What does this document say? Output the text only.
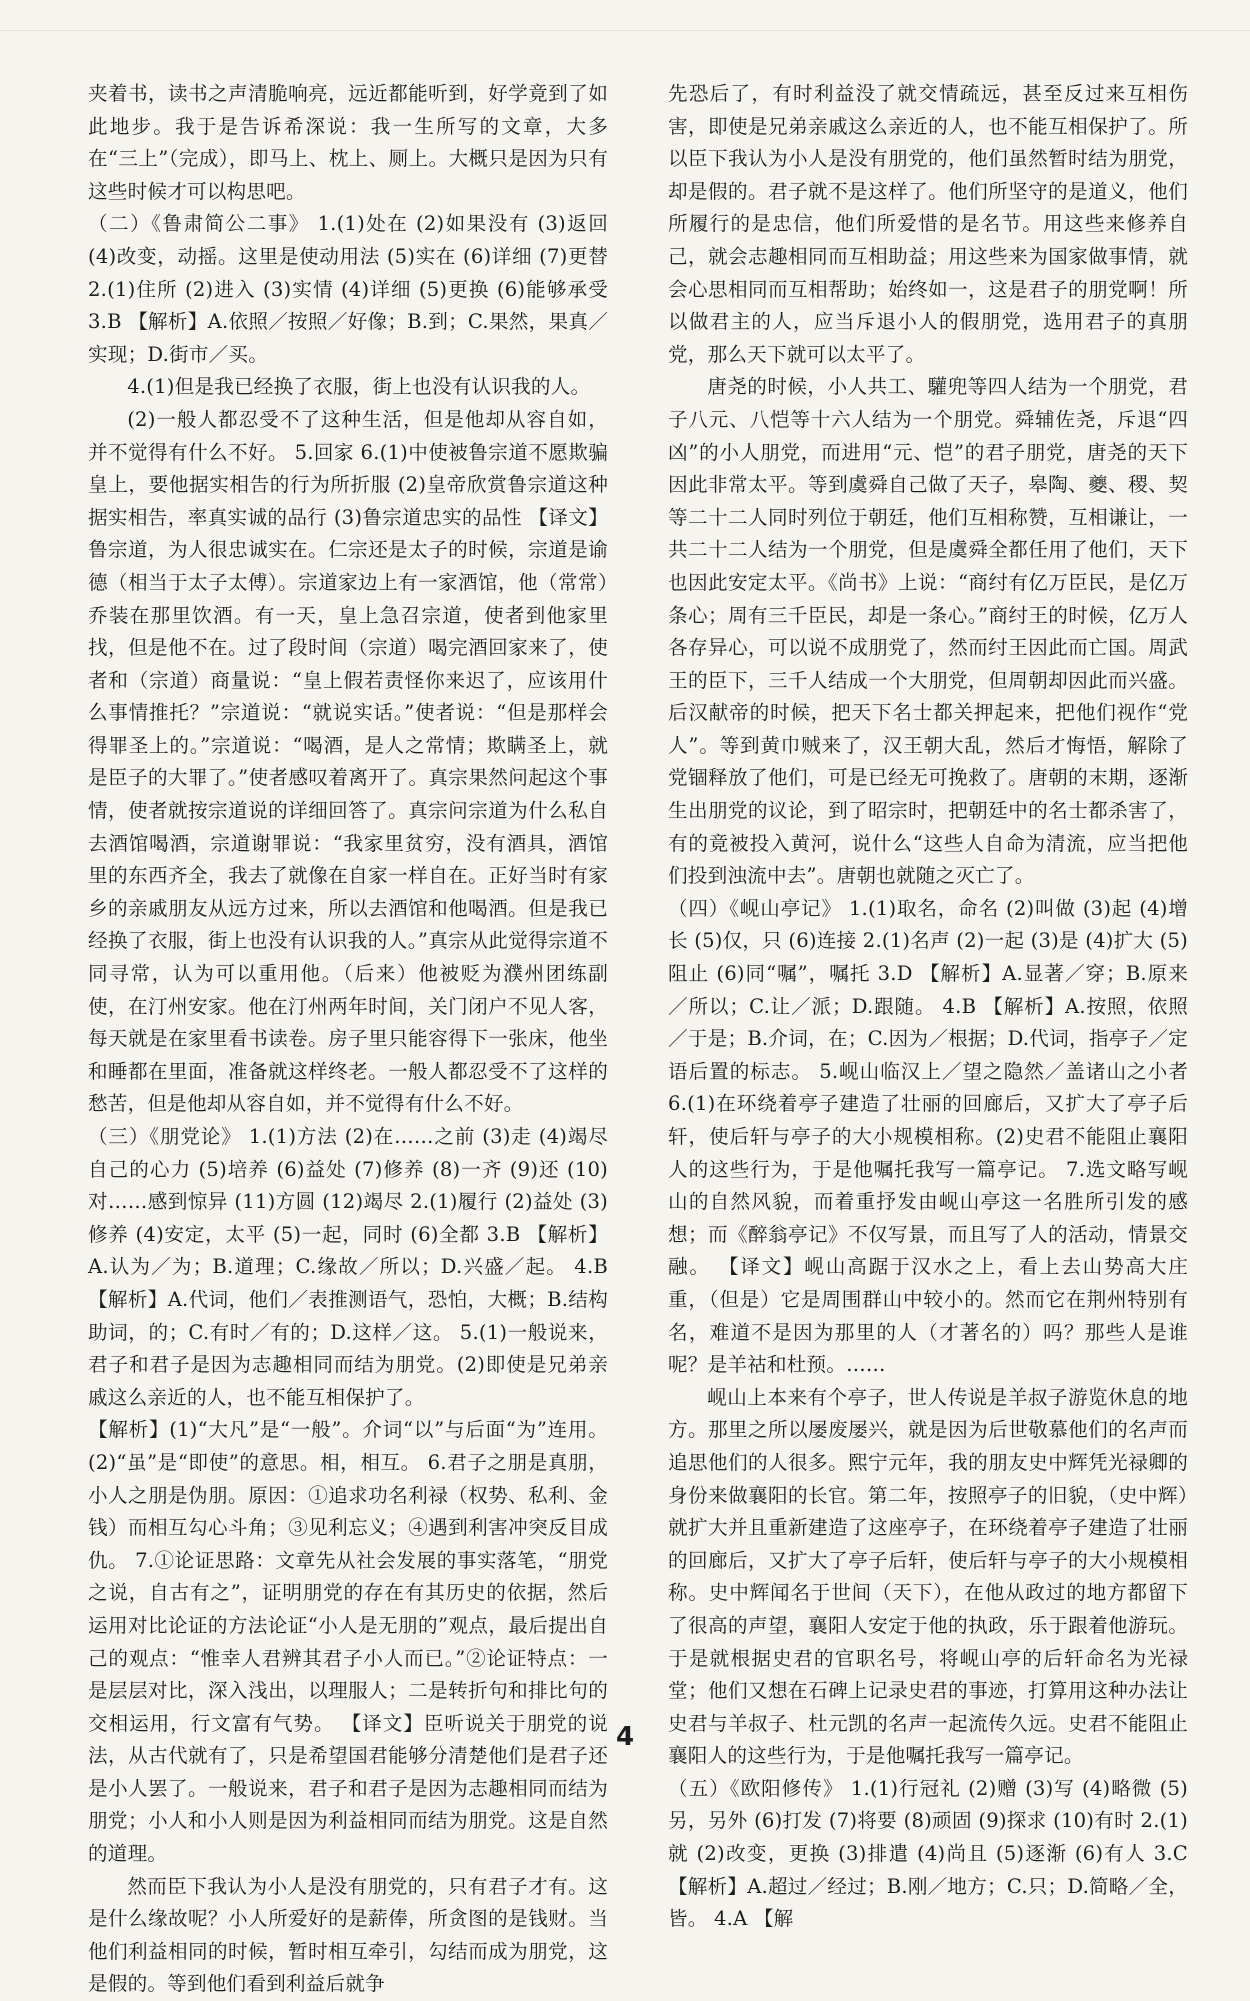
夹着书，读书之声清脆响亮，远近都能听到，好学竟到了如此地步。我于是告诉希深说：我一生所写的文章，大多在“三上”（完成），即马上、枕上、厕上。大概只是因为只有这些时候才可以构思吧。

（二）《鲁肃简公二事》 1.(1)处在 (2)如果没有 (3)返回 (4)改变，动摇。这里是使动用法 (5)实在 (6)详细 (7)更替 2.(1)住所 (2)进入 (3)实情 (4)详细 (5)更换 (6)能够承受 3.B 【解析】A.依照／按照／好像；B.到；C.果然，果真／实现；D.街市／买。

4.(1)但是我已经换了衣服，街上也没有认识我的人。

(2)一般人都忍受不了这种生活，但是他却从容自如，并不觉得有什么不好。 5.回家 6.(1)中使被鲁宗道不愿欺骗皇上，要他据实相告的行为所折服 (2)皇帝欣赏鲁宗道这种据实相告，率真实诚的品行 (3)鲁宗道忠实的品性 【译文】鲁宗道，为人很忠诚实在。仁宗还是太子的时候，宗道是谕德（相当于太子太傅）。宗道家边上有一家酒馆，他（常常）乔装在那里饮酒。有一天，皇上急召宗道，使者到他家里找，但是他不在。过了段时间（宗道）喝完酒回家来了，使者和（宗道）商量说：“皇上假若责怪你来迟了，应该用什么事情推托？”宗道说：“就说实话。”使者说：“但是那样会得罪圣上的。”宗道说：“喝酒，是人之常情；欺瞒圣上，就是臣子的大罪了。”使者感叹着离开了。真宗果然问起这个事情，使者就按宗道说的详细回答了。真宗问宗道为什么私自去酒馆喝酒，宗道谢罪说：“我家里贫穷，没有酒具，酒馆里的东西齐全，我去了就像在自家一样自在。正好当时有家乡的亲戚朋友从远方过来，所以去酒馆和他喝酒。但是我已经换了衣服，街上也没有认识我的人。”真宗从此觉得宗道不同寻常，认为可以重用他。（后来）他被贬为濮州团练副使，在汀州安家。他在汀州两年时间，关门闭户不见人客，每天就是在家里看书读卷。房子里只能容得下一张床，他坐和睡都在里面，准备就这样终老。一般人都忍受不了这样的愁苦，但是他却从容自如，并不觉得有什么不好。

（三）《朋党论》 1.(1)方法 (2)在……之前 (3)走 (4)竭尽自己的心力 (5)培养 (6)益处 (7)修养 (8)一齐 (9)还 (10)对……感到惊异 (11)方圆 (12)竭尽 2.(1)履行 (2)益处 (3)修养 (4)安定，太平 (5)一起，同时 (6)全都 3.B 【解析】A.认为／为；B.道理；C.缘故／所以；D.兴盛／起。 4.B 【解析】A.代词，他们／表推测语气，恐怕，大概；B.结构助词，的；C.有时／有的；D.这样／这。 5.(1)一般说来，君子和君子是因为志趣相同而结为朋党。(2)即使是兄弟亲戚这么亲近的人，也不能互相保护了。

【解析】(1)“大凡”是“一般”。介词“以”与后面“为”连用。(2)“虽”是“即使”的意思。相，相互。 6.君子之朋是真朋，小人之朋是伪朋。原因：①追求功名利禄（权势、私利、金钱）而相互勾心斗角；③见利忘义；④遇到利害冲突反目成仇。 7.①论证思路：文章先从社会发展的事实落笔，“朋党之说，自古有之”，证明朋党的存在有其历史的依据，然后运用对比论证的方法论证“小人是无朋的”观点，最后提出自己的观点：“惟幸人君辨其君子小人而已。”②论证特点：一是层层对比，深入浅出，以理服人；二是转折句和排比句的交相运用，行文富有气势。 【译文】臣听说关于朋党的说法，从古代就有了，只是希望国君能够分清楚他们是君子还是小人罢了。一般说来，君子和君子是因为志趣相同而结为朋党；小人和小人则是因为利益相同而结为朋党。这是自然的道理。

然而臣下我认为小人是没有朋党的，只有君子才有。这是什么缘故呢？小人所爱好的是薪俸，所贪图的是钱财。当他们利益相同的时候，暂时相互牵引，勾结而成为朋党，这是假的。等到他们看到利益后就争

先恐后了，有时利益没了就交情疏远，甚至反过来互相伤害，即使是兄弟亲戚这么亲近的人，也不能互相保护了。所以臣下我认为小人是没有朋党的，他们虽然暂时结为朋党，却是假的。君子就不是这样了。他们所坚守的是道义，他们所履行的是忠信，他们所爱惜的是名节。用这些来修养自己，就会志趣相同而互相助益；用这些来为国家做事情，就会心思相同而互相帮助；始终如一，这是君子的朋党啊！所以做君主的人，应当斥退小人的假朋党，选用君子的真朋党，那么天下就可以太平了。

唐尧的时候，小人共工、驩兜等四人结为一个朋党，君子八元、八恺等十六人结为一个朋党。舜辅佐尧，斥退“四凶”的小人朋党，而进用“元、恺”的君子朋党，唐尧的天下因此非常太平。等到虞舜自己做了天子，皋陶、夔、稷、契等二十二人同时列位于朝廷，他们互相称赞，互相谦让，一共二十二人结为一个朋党，但是虞舜全都任用了他们，天下也因此安定太平。《尚书》上说：“商纣有亿万臣民，是亿万条心；周有三千臣民，却是一条心。”商纣王的时候，亿万人各存异心，可以说不成朋党了，然而纣王因此而亡国。周武王的臣下，三千人结成一个大朋党，但周朝却因此而兴盛。后汉献帝的时候，把天下名士都关押起来，把他们视作“党人”。等到黄巾贼来了，汉王朝大乱，然后才悔悟，解除了党锢释放了他们，可是已经无可挽救了。唐朝的末期，逐渐生出朋党的议论，到了昭宗时，把朝廷中的名士都杀害了，有的竟被投入黄河，说什么“这些人自命为清流，应当把他们投到浊流中去”。唐朝也就随之灭亡了。

（四）《岘山亭记》 1.(1)取名，命名 (2)叫做 (3)起 (4)增长 (5)仅，只 (6)连接 2.(1)名声 (2)一起 (3)是 (4)扩大 (5)阻止 (6)同“嘱”，嘱托 3.D 【解析】A.显著／穿；B.原来／所以；C.让／派；D.跟随。 4.B 【解析】A.按照，依照／于是；B.介词，在；C.因为／根据；D.代词，指亭子／定语后置的标志。 5.岘山临汉上／望之隐然／盖诸山之小者 6.(1)在环绕着亭子建造了壮丽的回廊后，又扩大了亭子后轩，使后轩与亭子的大小规模相称。(2)史君不能阻止襄阳人的这些行为，于是他嘱托我写一篇亭记。 7.选文略写岘山的自然风貌，而着重抒发由岘山亭这一名胜所引发的感想；而《醉翁亭记》不仅写景，而且写了人的活动，情景交融。 【译文】岘山高踞于汉水之上，看上去山势高大庄重，（但是）它是周围群山中较小的。然而它在荆州特别有名，难道不是因为那里的人（才著名的）吗？那些人是谁呢？是羊祜和杜预。……

岘山上本来有个亭子，世人传说是羊叔子游览休息的地方。那里之所以屡废屡兴，就是因为后世敬慕他们的名声而追思他们的人很多。熙宁元年，我的朋友史中辉凭光禄卿的身份来做襄阳的长官。第二年，按照亭子的旧貌，（史中辉）就扩大并且重新建造了这座亭子，在环绕着亭子建造了壮丽的回廊后，又扩大了亭子后轩，使后轩与亭子的大小规模相称。史中辉闻名于世间（天下），在他从政过的地方都留下了很高的声望，襄阳人安定于他的执政，乐于跟着他游玩。于是就根据史君的官职名号，将岘山亭的后轩命名为光禄堂；他们又想在石碑上记录史君的事迹，打算用这种办法让史君与羊叔子、杜元凯的名声一起流传久远。史君不能阻止襄阳人的这些行为，于是他嘱托我写一篇亭记。

（五）《欧阳修传》 1.(1)行冠礼 (2)赠 (3)写 (4)略微 (5)另，另外 (6)打发 (7)将要 (8)顽固 (9)探求 (10)有时 2.(1)就 (2)改变，更换 (3)排遣 (4)尚且 (5)逐渐 (6)有人 3.C 【解析】A.超过／经过；B.刚／地方；C.只；D.简略／全，皆。 4.A 【解

4
